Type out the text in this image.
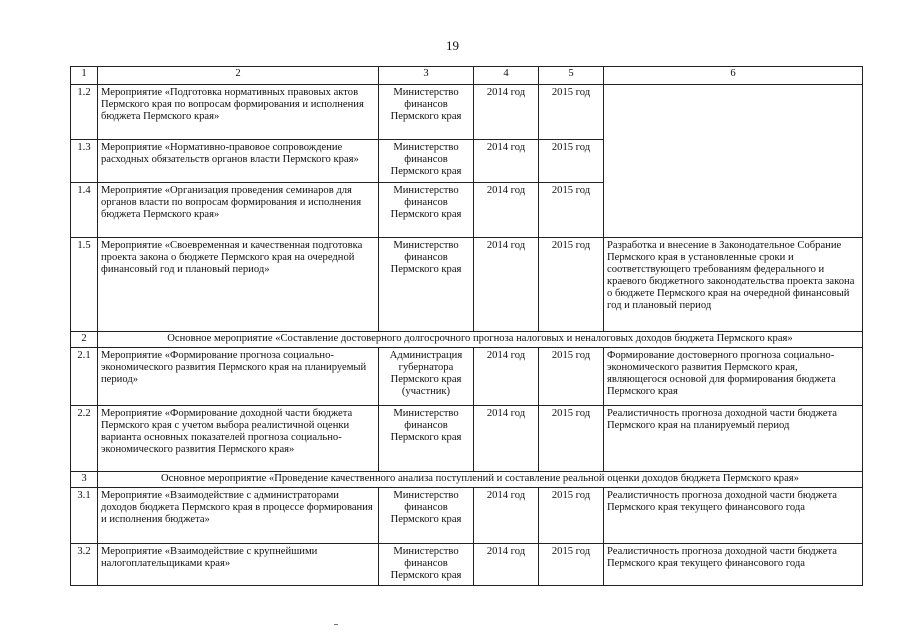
19
1	2	3	4	5	6
1.2	Мероприятие «Подготовка нормативных правовых актов Пермского края по вопросам формирования и исполнения бюджета Пермского края»	Министерство финансов Пермского края	2014 год	2015 год	
1.3	Мероприятие «Нормативно-правовое сопровождение расходных обязательств органов власти Пермского края»	Министерство финансов Пермского края	2014 год	2015 год	
1.4	Мероприятие «Организация проведения семинаров для органов власти по вопросам формирования и исполнения бюджета Пермского края»	Министерство финансов Пермского края	2014 год	2015 год	
1.5	Мероприятие «Своевременная и качественная подготовка проекта закона о бюджете Пермского края на очередной финансовый год и плановый период»	Министерство финансов Пермского края	2014 год	2015 год	Разработка и внесение в Законодательное Собрание Пермского края в установленные сроки и соответствующего требованиям федерального и краевого бюджетного законодательства проекта закона о бюджете Пермского края на очередной финансовый год и плановый период
2	Основное мероприятие «Составление достоверного долгосрочного прогноза налоговых и неналоговых доходов бюджета Пермского края»				
2.1	Мероприятие «Формирование прогноза социально-экономического развития Пермского края на планируемый период»	Администрация губернатора Пермского края (участник)	2014 год	2015 год	Формирование достоверного прогноза социально-экономического развития Пермского края, являющегося основой для формирования бюджета Пермского края
2.2	Мероприятие «Формирование доходной части бюджета Пермского края с учетом выбора реалистичной оценки варианта основных показателей прогноза социально-экономического развития Пермского края»	Министерство финансов Пермского края	2014 год	2015 год	Реалистичность прогноза доходной части бюджета Пермского края на планируемый период
3	Основное мероприятие «Проведение качественного анализа поступлений и составление реальной оценки доходов бюджета Пермского края»				
3.1	Мероприятие «Взаимодействие с администраторами доходов бюджета Пермского края в процессе формирования и исполнения бюджета»	Министерство финансов Пермского края	2014 год	2015 год	Реалистичность прогноза доходной части бюджета Пермского края текущего финансового года
3.2	Мероприятие «Взаимодействие с крупнейшими налогоплательщиками края»	Министерство финансов Пермского края	2014 год	2015 год	Реалистичность прогноза доходной части бюджета Пермского края текущего финансового года
